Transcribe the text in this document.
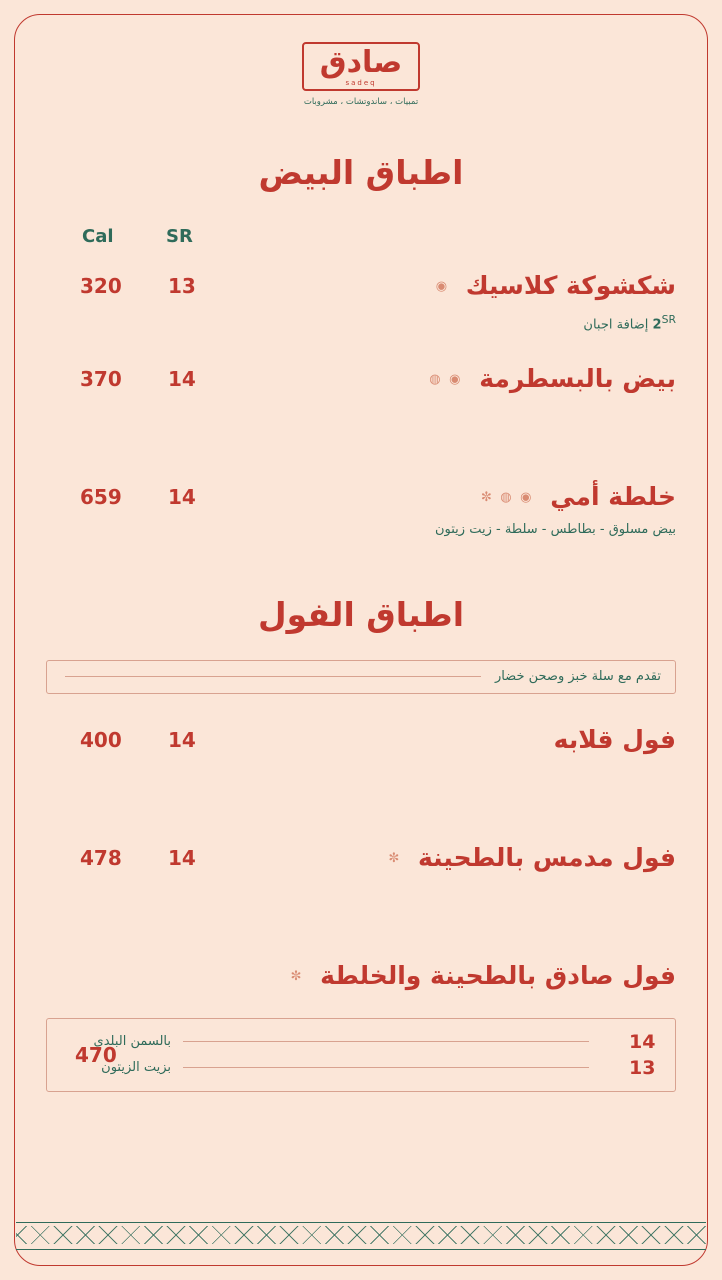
صادق
sadeq
تمبيات ، ساندوتشات ، مشروبات
اطباق البيض
Cal	SR
شكشوكة كلاسيك ◉
320 13
$2^{SR}$ إضافة اجبان
بيض بالبسطرمة ◉ ◍
370 14
خلطة أمي ◉ ◍ ✼
659 14
بيض مسلوق - بطاطس - سلطة - زيت زيتون
اطباق الفول
تقدم مع سلة خبز وصحن خضار
فول قلابه
400 14
فول مدمس بالطحينة ✼
478 14
فول صادق بالطحينة والخلطة ✼
470
14
بالسمن البلدي
13
بزيت الزيتون
